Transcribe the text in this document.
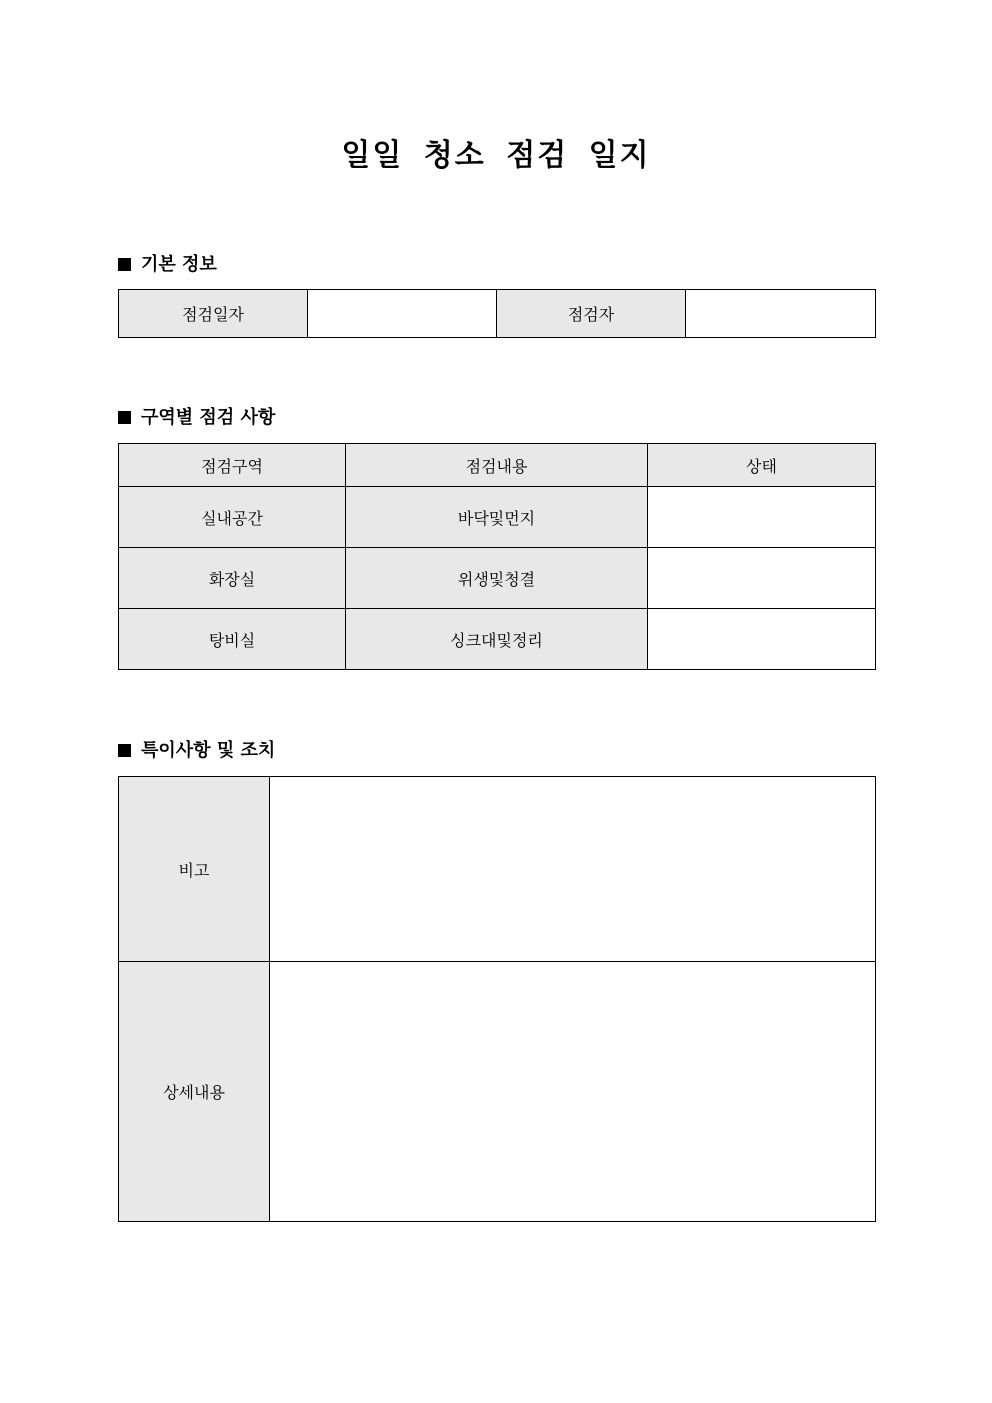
일일 청소 점검 일지
기본 정보
점검일자		점검자	
구역별 점검 사항
점검구역	점검내용	상태
실내공간	바닥및먼지	
화장실	위생및청결	
탕비실	싱크대및정리	
특이사항 및 조치
비고	
상세내용	
